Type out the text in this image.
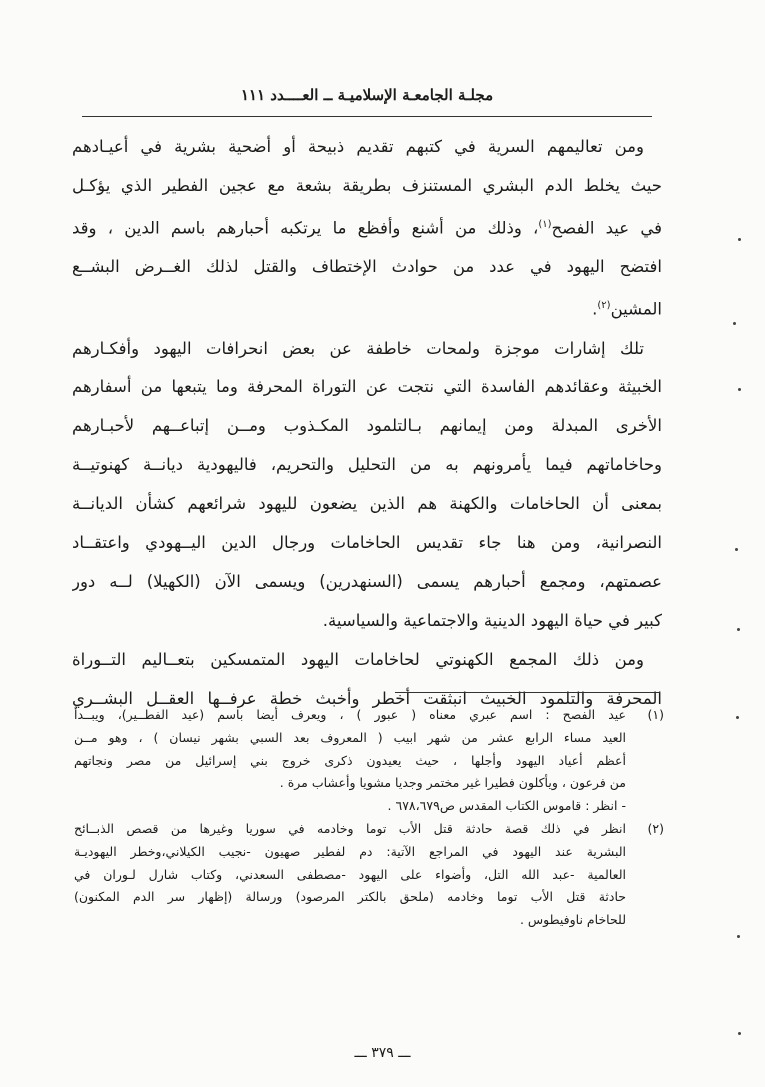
مجلـة الجامعـة الإسلاميـة ــ العــــدد ١١١

ومن تعاليمهم السرية في كتبهم تقديم ذبيحة أو أضحية بشرية في أعيـادهم
حيث يخلط الدم البشري المستنزف بطريقة بشعة مع عجين الفطير الذي يؤكـل
في عيد الفصح$^{(١)}$، وذلك من أشنع وأفظع ما يرتكبه أحبارهم باسم الدين ، وقد
افتضح اليهود في عدد من حوادث الإختطاف والقتل لذلك الغــرض البشــع
المشين$^{(٢)}$.

تلك إشارات موجزة ولمحات خاطفة عن بعض انحرافات اليهود وأفكـارهم
الخبيثة وعقائدهم الفاسدة التي نتجت عن التوراة المحرفة وما يتبعها من أسفارهم
الأخرى المبدلة ومن إيمانهم بـالتلمود المكـذوب ومــن إتباعــهم لأحبـارهم
وحاخاماتهم فيما يأمرونهم به من التحليل والتحريم، فاليهودية ديانــة كهنوتيــة
بمعنى أن الحاخامات والكهنة هم الذين يضعون لليهود شرائعهم كشأن الديانــة
النصرانية، ومن هنا جاء تقديس الحاخامات ورجال الدين اليــهودي واعتقــاد
عصمتهم، ومجمع أحبارهم يسمى (السنهدرين) ويسمى الآن (الكهيلا) لــه دور
كبير في حياة اليهود الدينية والاجتماعية والسياسية.

ومن ذلك المجمع الكهنوتي لحاخامات اليهود المتمسكين بتعــاليم التــوراة
المحرفة والتلمود الخبيث انبثقت أخطر وأخبث خطة عرفــها العقــل البشــري

(١)
عيد الفصح : اسم عبري معناه ( عبور ) ، ويعرف أيضا باسم (عيد الفطــير)، ويبــدأ
العيد مساء الرابع عشر من شهر ابيب ( المعروف بعد السبي بشهر نيسان ) ، وهو مــن
أعظم أعياد اليهود وأجلها ، حيث يعيدون ذكرى خروج بني إسرائيل من مصر ونجاتهم
من فرعون ، ويأكلون فطيرا غير مختمر وجديا مشويا وأعشاب مرة .
- انظر : قاموس الكتاب المقدس ص٦٧٨،٦٧٩ .
(٢)
انظر في ذلك قصة حادثة قتل الأب توما وخادمه في سوريا وغيرها من قصص الذبــائح
البشرية عند اليهود في المراجع الآتية: دم لفطير صهيون -نجيب الكيلاني،وخطر اليهوديـة
العالمية -عبد الله التل، وأضواء على اليهود -مصطفى السعدني، وكتاب شارل لـوران في
حادثة قتل الأب توما وخادمه (ملحق بالكتر المرصود) ورسالة (إظهار سر الدم المكنون)
للحاخام ناوفيطوس .
ـــ ٣٧٩ ـــ
